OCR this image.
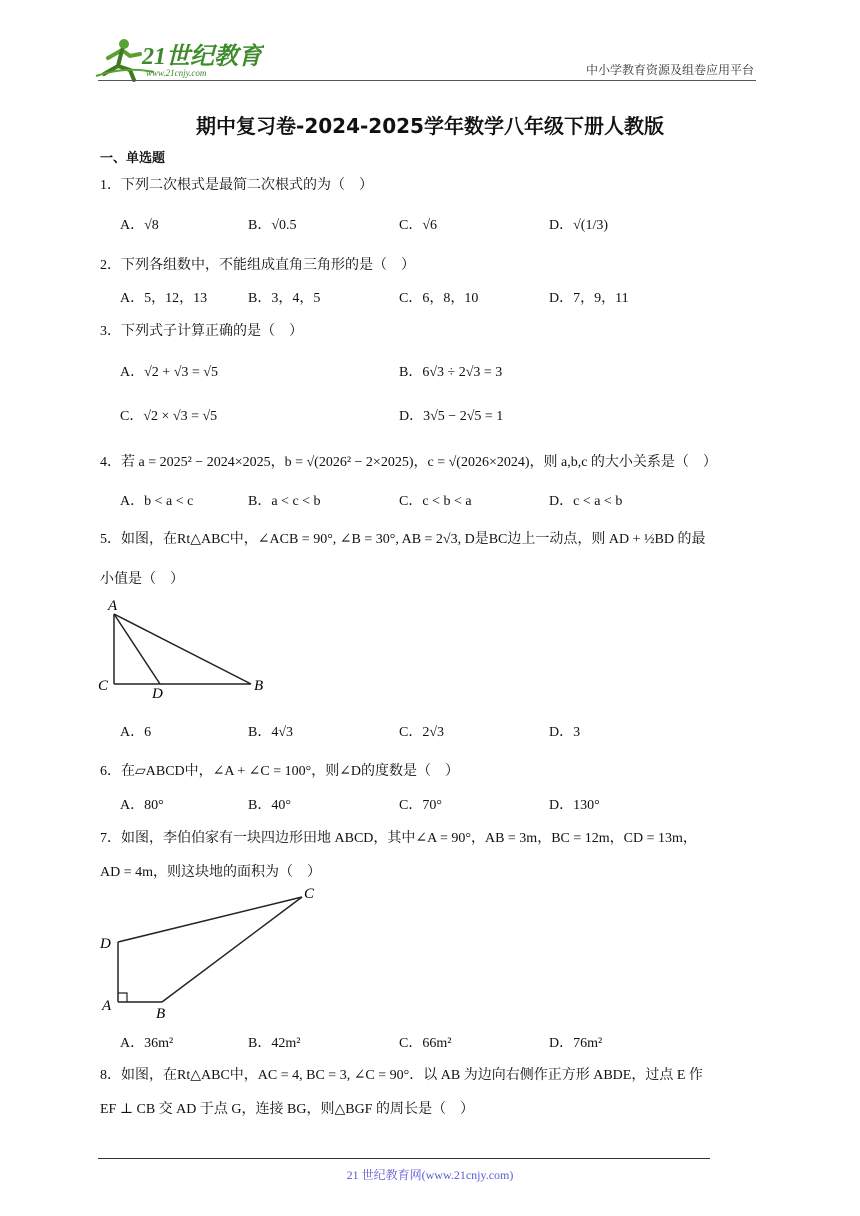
21世纪教育
www.21cnjy.com	中小学教育资源及组卷应用平台
期中复习卷-2024-2025学年数学八年级下册人教版
一、单选题
1．下列二次根式是最简二次根式的为（　）
A．√8	B．√0.5	C．√6	D．√(1/3)
2．下列各组数中，不能组成直角三角形的是（　）
A．5，12，13	B．3，4，5	C．6，8，10	D．7，9，11
3．下列式子计算正确的是（　）
A．√2 + √3 = √5	B．6√3 ÷ 2√3 = 3
C．√2 × √3 = √5	D．3√5 − 2√5 = 1
4．若 a = 2025² − 2024×2025，b = √(2026² − 2×2025)，c = √(2026×2024)，则 a,b,c 的大小关系是（　）
A．b < a < c	B．a < c < b	C．c < b < a	D．c < a < b
5．如图，在Rt△ABC中，∠ACB = 90°, ∠B = 30°, AB = 2√3, D是BC边上一动点，则 AD + ½BD 的最
小值是（　）
A
C	D	B
A．6	B．4√3	C．2√3	D．3
6．在▱ABCD中，∠A + ∠C = 100°，则∠D的度数是（　）
A．80°	B．40°	C．70°	D．130°
7．如图，李伯伯家有一块四边形田地 ABCD，其中∠A = 90°，AB = 3m，BC = 12m，CD = 13m，
AD = 4m，则这块地的面积为（　）
D
A	B
C
A．36m²	B．42m²	C．66m²	D．76m²
8．如图，在Rt△ABC中，AC = 4, BC = 3, ∠C = 90°．以 AB 为边向右侧作正方形 ABDE，过点 E 作
EF ⊥ CB 交 AD 于点 G，连接 BG，则△BGF 的周长是（　）
21 世纪教育网(www.21cnjy.com)
